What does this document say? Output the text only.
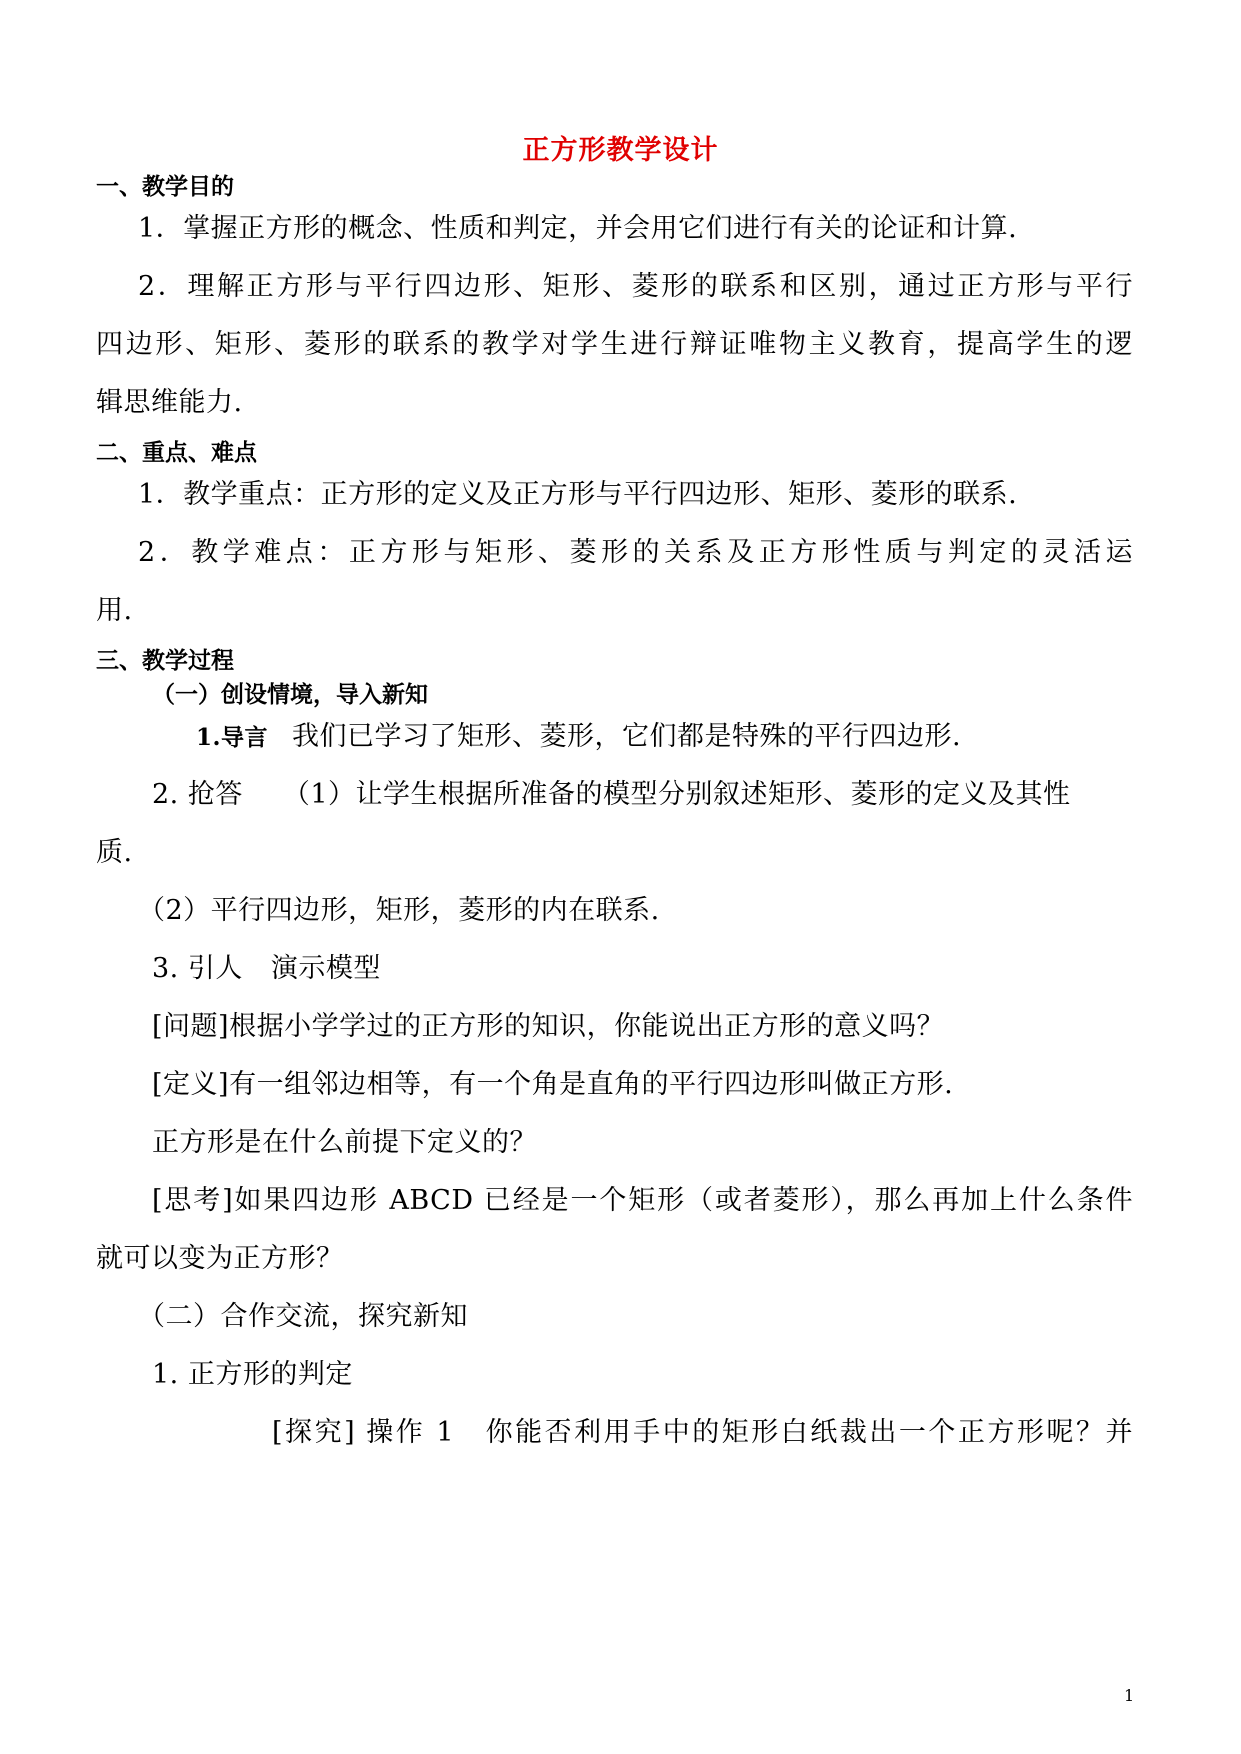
正方形教学设计
一、教学目的
1．掌握正方形的概念、性质和判定，并会用它们进行有关的论证和计算.
2．理解正方形与平行四边形、矩形、菱形的联系和区别，通过正方形与平行
四边形、矩形、菱形的联系的教学对学生进行辩证唯物主义教育，提高学生的逻
辑思维能力.
二、重点、难点
1．教学重点：正方形的定义及正方形与平行四边形、矩形、菱形的联系.
2．教学难点：正方形与矩形、菱形的关系及正方形性质与判定的灵活运
用.
三、教学过程
（一）创设情境，导入新知
1.导言 我们已学习了矩形、菱形，它们都是特殊的平行四边形.
2. 抢答 （1）让学生根据所准备的模型分别叙述矩形、菱形的定义及其性
质.
（2）平行四边形，矩形，菱形的内在联系.
3. 引人 演示模型
[问题]根据小学学过的正方形的知识，你能说出正方形的意义吗？
[定义]有一组邻边相等，有一个角是直角的平行四边形叫做正方形.
正方形是在什么前提下定义的？
[思考]如果四边形 ABCD 已经是一个矩形（或者菱形），那么再加上什么条件
就可以变为正方形？
（二）合作交流，探究新知
1. 正方形的判定
[探究] 操作 1　你能否利用手中的矩形白纸裁出一个正方形呢？并
1
